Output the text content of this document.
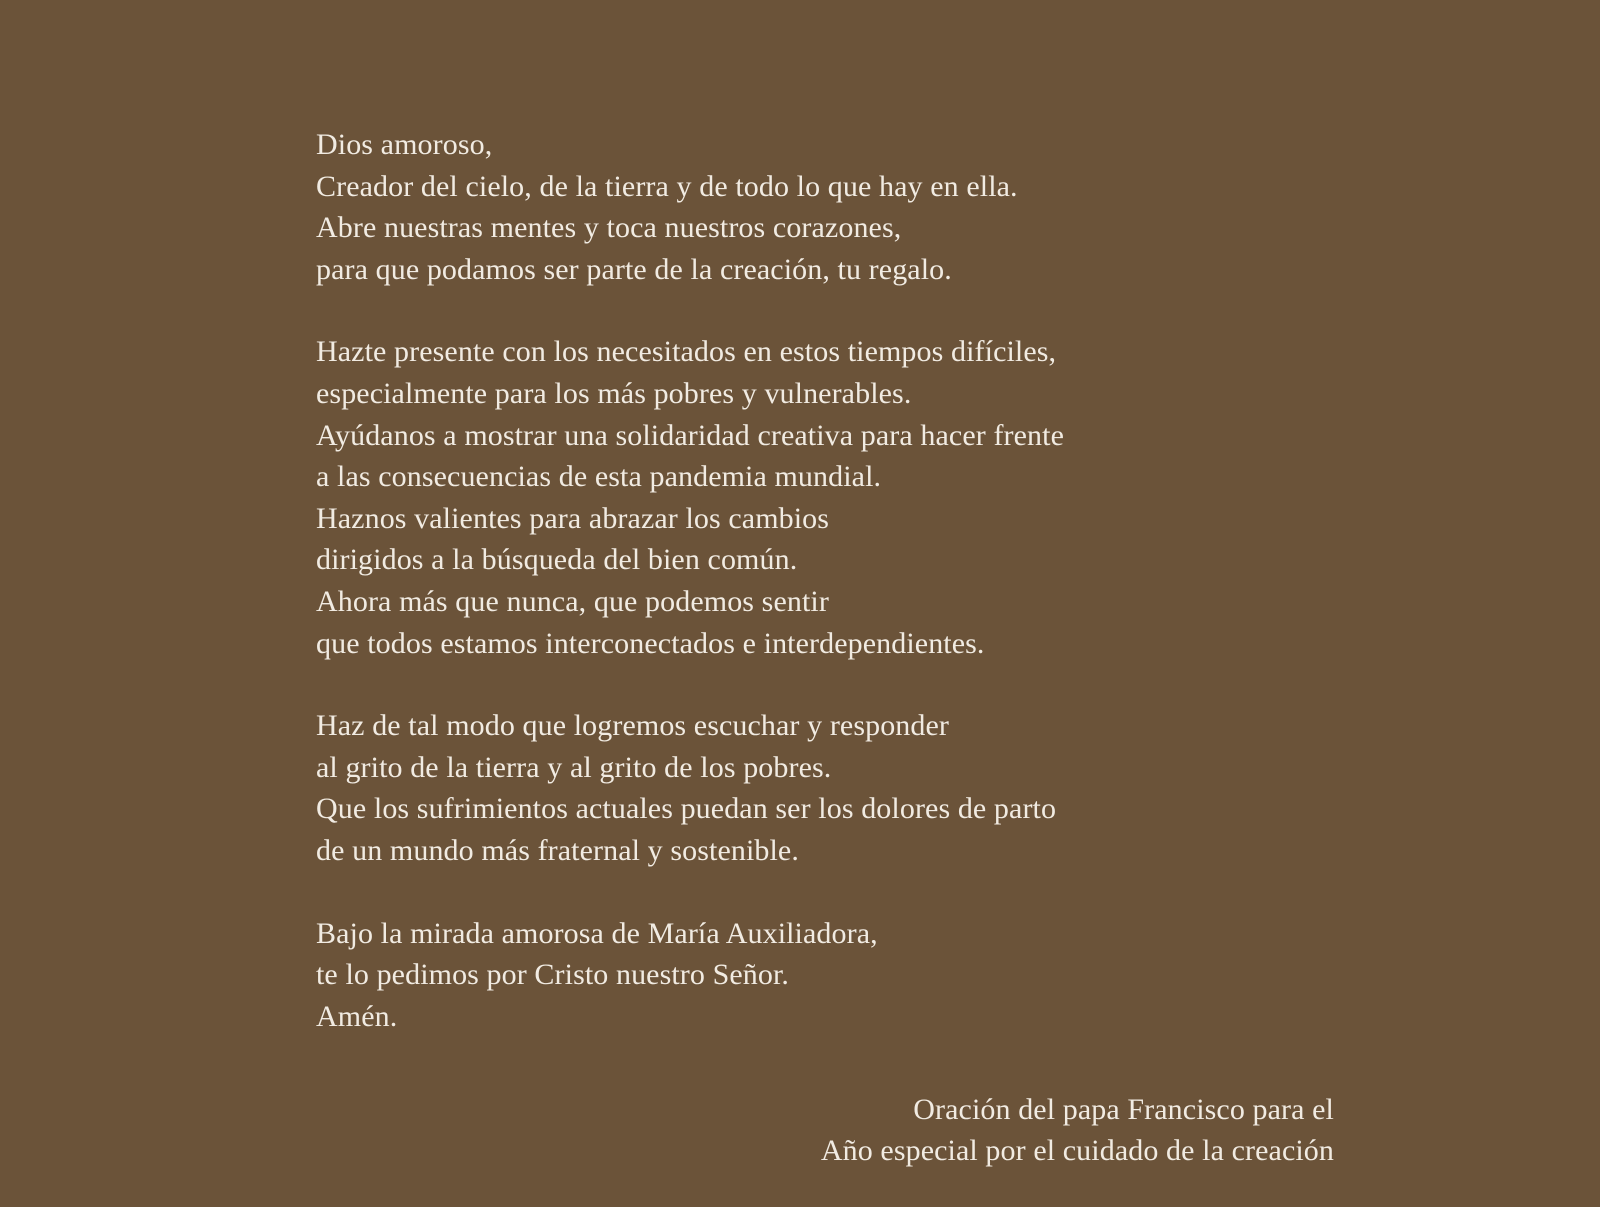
Dios amoroso,
Creador del cielo, de la tierra y de todo lo que hay en ella.
Abre nuestras mentes y toca nuestros corazones,
para que podamos ser parte de la creación, tu regalo.
Hazte presente con los necesitados en estos tiempos difíciles,
especialmente para los más pobres y vulnerables.
Ayúdanos a mostrar una solidaridad creativa para hacer frente
a las consecuencias de esta pandemia mundial.
Haznos valientes para abrazar los cambios
dirigidos a la búsqueda del bien común.
Ahora más que nunca, que podemos sentir
que todos estamos interconectados e interdependientes.
Haz de tal modo que logremos escuchar y responder
al grito de la tierra y al grito de los pobres.
Que los sufrimientos actuales puedan ser los dolores de parto
de un mundo más fraternal y sostenible.
Bajo la mirada amorosa de María Auxiliadora,
te lo pedimos por Cristo nuestro Señor.
Amén.
Oración del papa Francisco para el
Año especial por el cuidado de la creación
